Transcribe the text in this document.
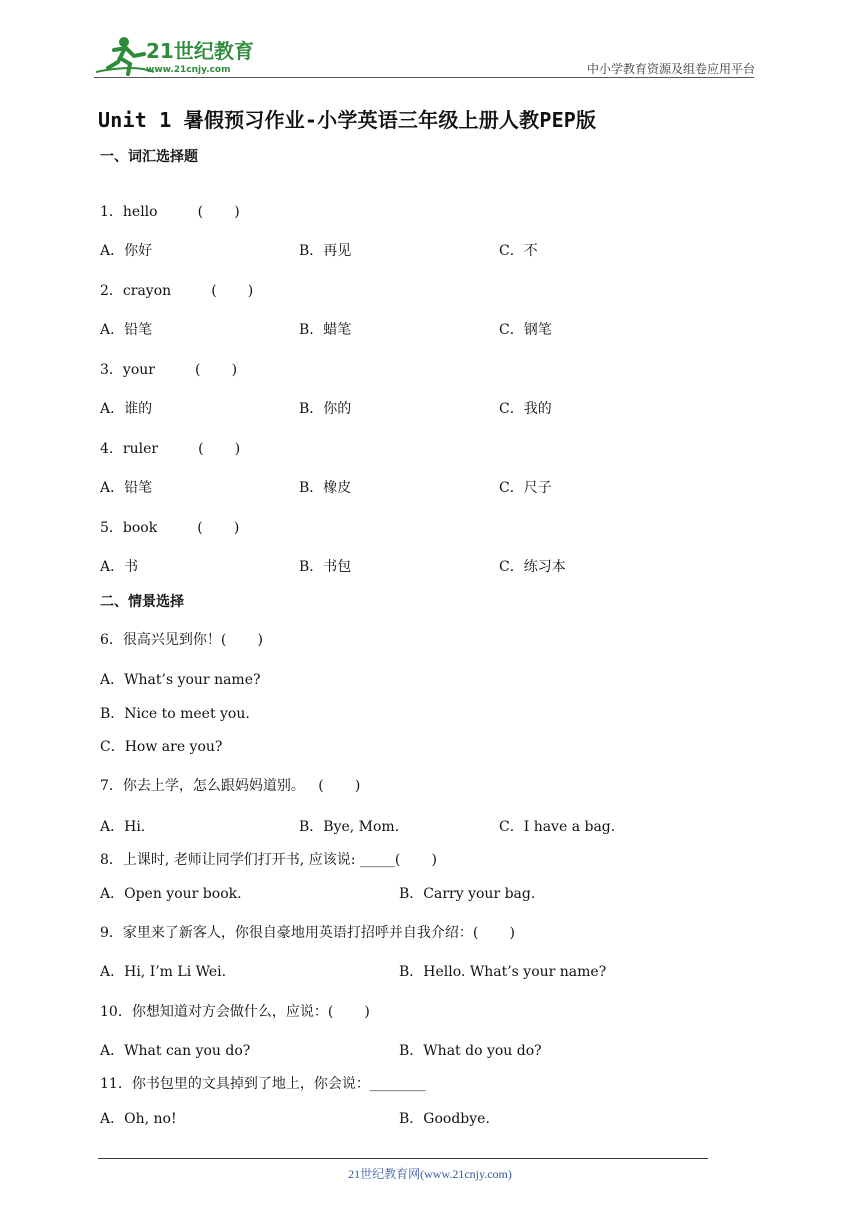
21世纪教育
www.21cnjy.com	中小学教育资源及组卷应用平台
Unit 1 暑假预习作业-小学英语三年级上册人教PEP版
一、词汇选择题
1．hello         (       )
A．你好	B．再见	C．不
2．crayon         (       )
A．铅笔	B．蜡笔	C．钢笔
3．your         (       )
A．谁的	B．你的	C．我的
4．ruler         (       )
A．铅笔	B．橡皮	C．尺子
5．book         (       )
A．书	B．书包	C．练习本
二、情景选择
6．很高兴见到你！(       )
A．What’s your name?
B．Nice to meet you.
C．How are you?
7．你去上学，怎么跟妈妈道别。   (       )
A．Hi.	B．Bye, Mom.	C．I have a bag.
8．上课时, 老师让同学们打开书, 应该说: _____(       )
A．Open your book.	B．Carry your bag.
9．家里来了新客人，你很自豪地用英语打招呼并自我介绍：(       )
A．Hi, I’m Li Wei.	B．Hello. What’s your name?
10．你想知道对方会做什么，应说：(       )
A．What can you do?	B．What do you do?
11．你书包里的文具掉到了地上，你会说：________
A．Oh, no!	B．Goodbye.
21世纪教育网(www.21cnjy.com)
